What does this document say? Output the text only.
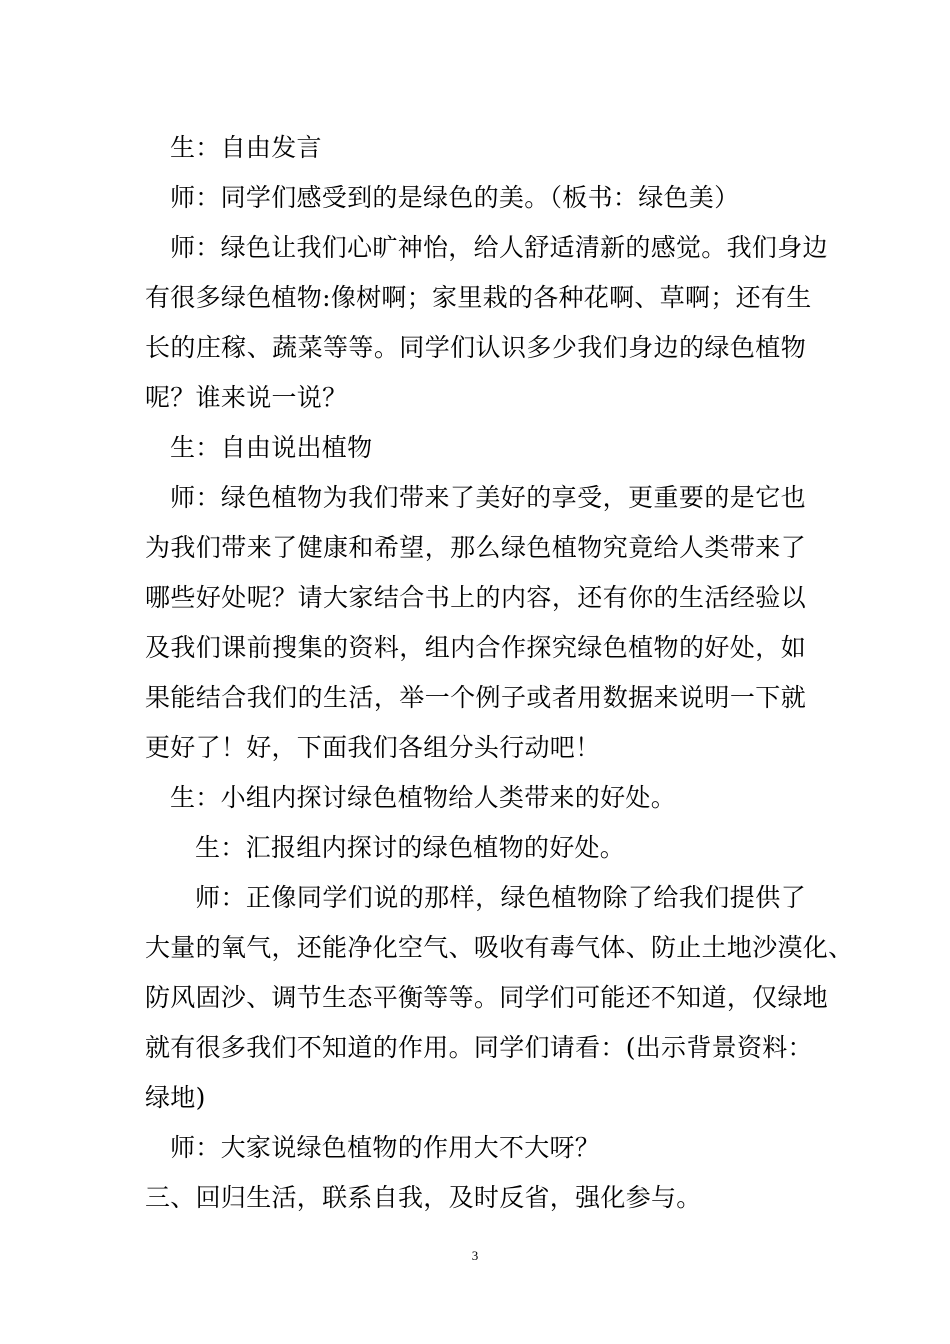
生：自由发言
师：同学们感受到的是绿色的美。（板书：绿色美）
师：绿色让我们心旷神怡，给人舒适清新的感觉。我们身边
有很多绿色植物:像树啊；家里栽的各种花啊、草啊；还有生
长的庄稼、蔬菜等等。同学们认识多少我们身边的绿色植物
呢？谁来说一说？
生：自由说出植物
师：绿色植物为我们带来了美好的享受，更重要的是它也
为我们带来了健康和希望，那么绿色植物究竟给人类带来了
哪些好处呢？请大家结合书上的内容，还有你的生活经验以
及我们课前搜集的资料，组内合作探究绿色植物的好处，如
果能结合我们的生活，举一个例子或者用数据来说明一下就
更好了！好，下面我们各组分头行动吧！
生：小组内探讨绿色植物给人类带来的好处。
生：汇报组内探讨的绿色植物的好处。
师：正像同学们说的那样，绿色植物除了给我们提供了
大量的氧气，还能净化空气、吸收有毒气体、防止土地沙漠化、
防风固沙、调节生态平衡等等。同学们可能还不知道，仅绿地
就有很多我们不知道的作用。同学们请看：(出示背景资料：
绿地)
师：大家说绿色植物的作用大不大呀？
三、回归生活，联系自我，及时反省，强化参与。
3
